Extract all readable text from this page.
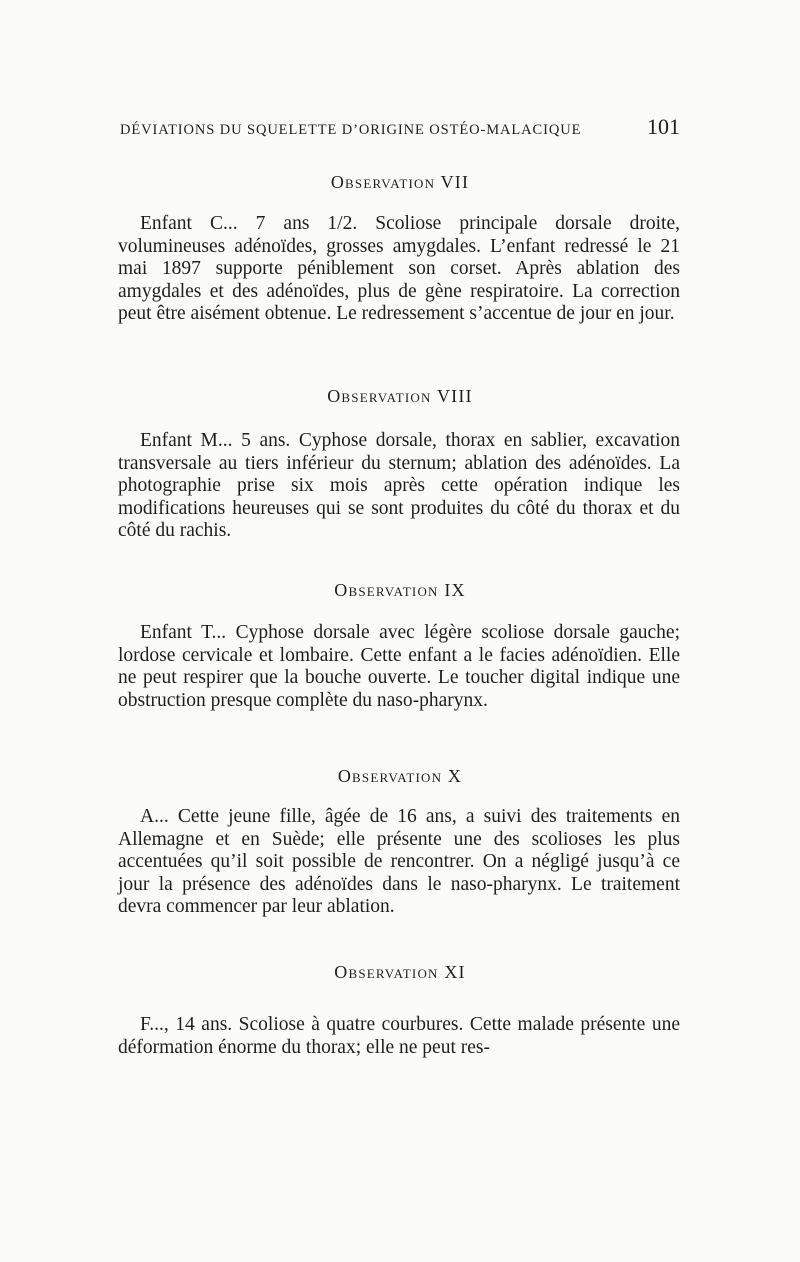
DÉVIATIONS DU SQUELETTE D’ORIGINE OSTÉO-MALACIQUE	101
Observation VII

Enfant C... 7 ans 1/2. Scoliose principale dorsale droite, volumineuses adénoïdes, grosses amygdales. L’enfant redressé le 21 mai 1897 supporte péniblement son corset. Après ablation des amygdales et des adénoïdes, plus de gène respiratoire. La correction peut être aisément obtenue. Le redressement s’accentue de jour en jour.

Observation VIII

Enfant M... 5 ans. Cyphose dorsale, thorax en sablier, excavation transversale au tiers inférieur du sternum; ablation des adénoïdes. La photographie prise six mois après cette opération indique les modifications heureuses qui se sont produites du côté du thorax et du côté du rachis.

Observation IX

Enfant T... Cyphose dorsale avec légère scoliose dorsale gauche; lordose cervicale et lombaire. Cette enfant a le facies adénoïdien. Elle ne peut respirer que la bouche ouverte. Le toucher digital indique une obstruction presque complète du naso-pharynx.

Observation X

A... Cette jeune fille, âgée de 16 ans, a suivi des traitements en Allemagne et en Suède; elle présente une des scolioses les plus accentuées qu’il soit possible de rencontrer. On a négligé jusqu’à ce jour la présence des adénoïdes dans le naso-pharynx. Le traitement devra commencer par leur ablation.

Observation XI

F..., 14 ans. Scoliose à quatre courbures. Cette malade présente une déformation énorme du thorax; elle ne peut res-
